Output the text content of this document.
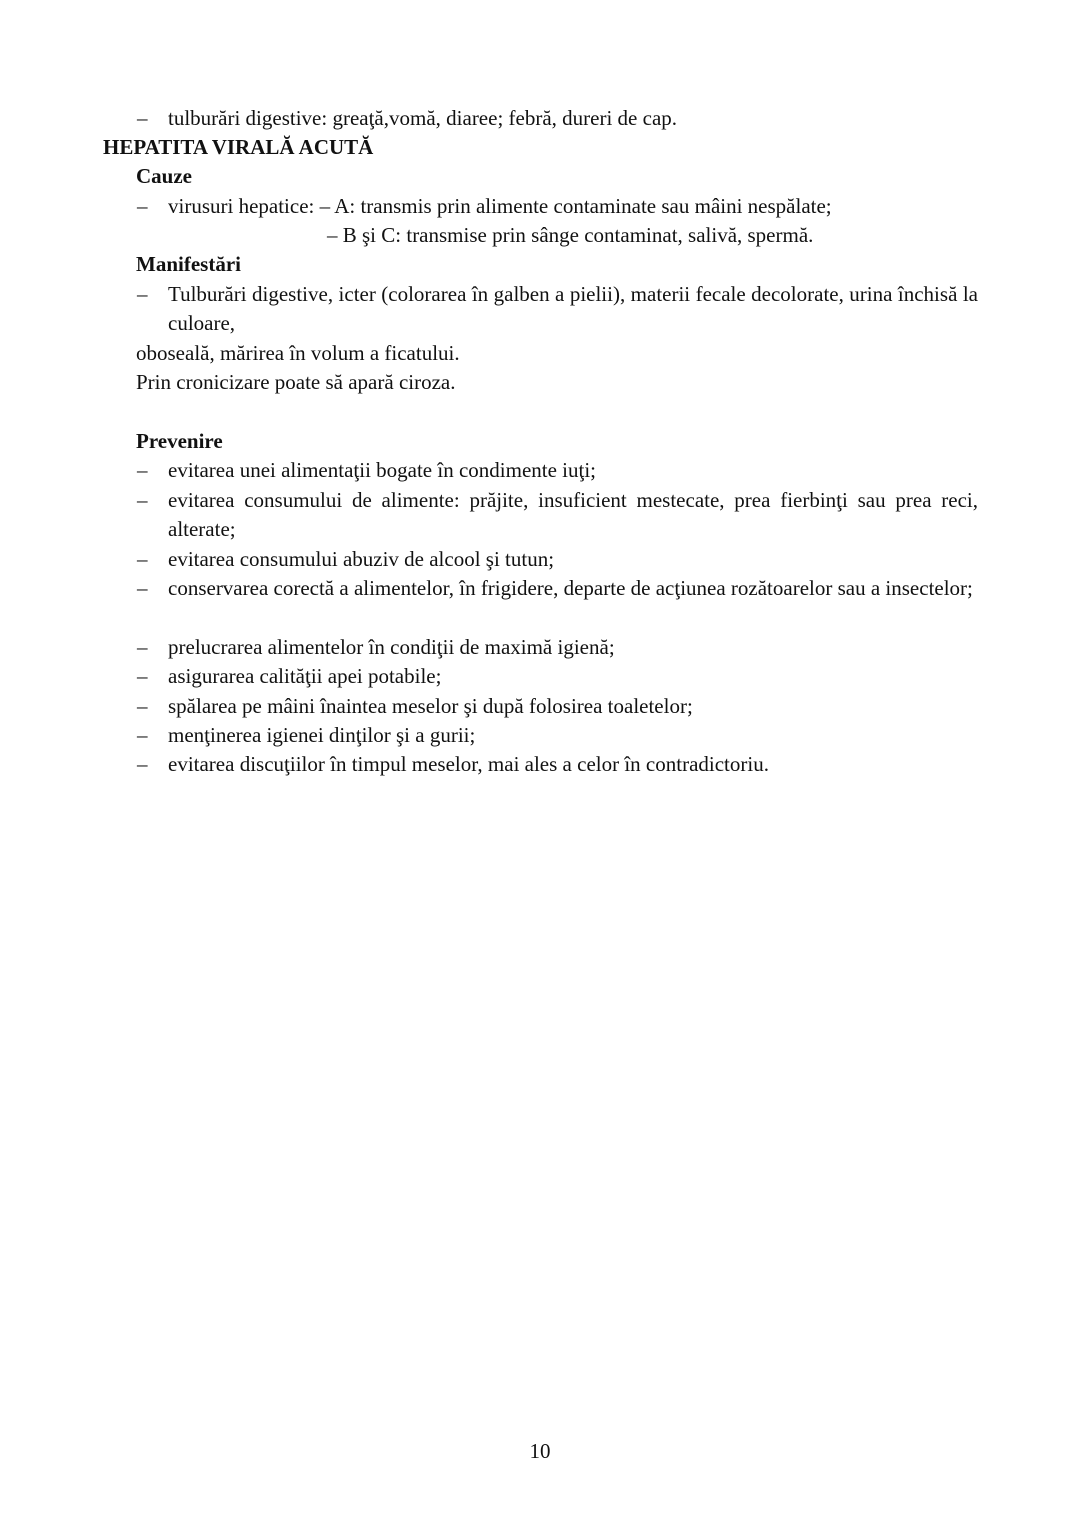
– tulburări digestive: greaţă,vomă, diaree; febră, dureri de cap.
HEPATITA VIRALĂ ACUTĂ
Cauze
– virusuri hepatice: – A: transmis prin alimente contaminate sau mâini nespălate;
– B şi C: transmise prin sânge contaminat, salivă, spermă.
Manifestări
– Tulburări digestive, icter (colorarea în galben a pielii), materii fecale decolorate, urina închisă la culoare,
oboseală, mărirea în volum a ficatului.
Prin cronicizare poate să apară ciroza.
Prevenire
– evitarea unei alimentaţii bogate în condimente iuţi;
– evitarea consumului de alimente: prăjite, insuficient mestecate, prea fierbinţi sau prea reci, alterate;
– evitarea consumului abuziv de alcool şi tutun;
– conservarea corectă a alimentelor, în frigidere, departe de acţiunea rozătoarelor sau a insectelor;
– prelucrarea alimentelor în condiţii de maximă igienă;
– asigurarea calităţii apei potabile;
– spălarea pe mâini înaintea meselor şi după folosirea toaletelor;
– menţinerea igienei dinţilor şi a gurii;
– evitarea discuţiilor în timpul meselor, mai ales a celor în contradictoriu.
10
